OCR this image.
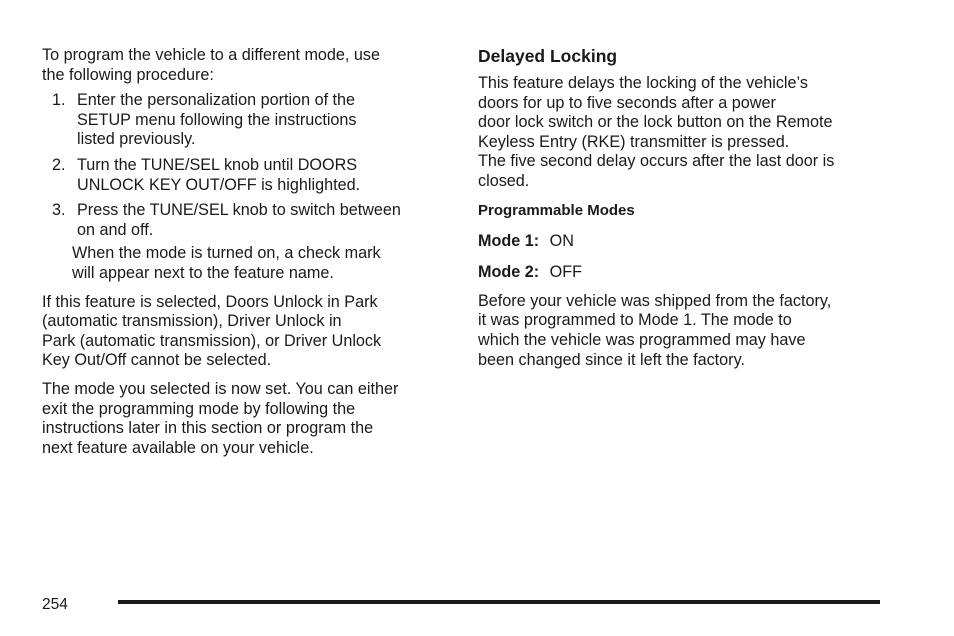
To program the vehicle to a different mode, use
the following procedure:

1. Enter the personalization portion of the
SETUP menu following the instructions
listed previously.
2. Turn the TUNE/SEL knob until DOORS
UNLOCK KEY OUT/OFF is highlighted.
3. Press the TUNE/SEL knob to switch between
on and off.

When the mode is turned on, a check mark
will appear next to the feature name.

If this feature is selected, Doors Unlock in Park
(automatic transmission), Driver Unlock in
Park (automatic transmission), or Driver Unlock
Key Out/Off cannot be selected.

The mode you selected is now set. You can either
exit the programming mode by following the
instructions later in this section or program the
next feature available on your vehicle.

Delayed Locking

This feature delays the locking of the vehicle’s
doors for up to five seconds after a power
door lock switch or the lock button on the Remote
Keyless Entry (RKE) transmitter is pressed.
The five second delay occurs after the last door is
closed.

Programmable Modes

Mode 1: ON

Mode 2: OFF

Before your vehicle was shipped from the factory,
it was programmed to Mode 1. The mode to
which the vehicle was programmed may have
been changed since it left the factory.

254
